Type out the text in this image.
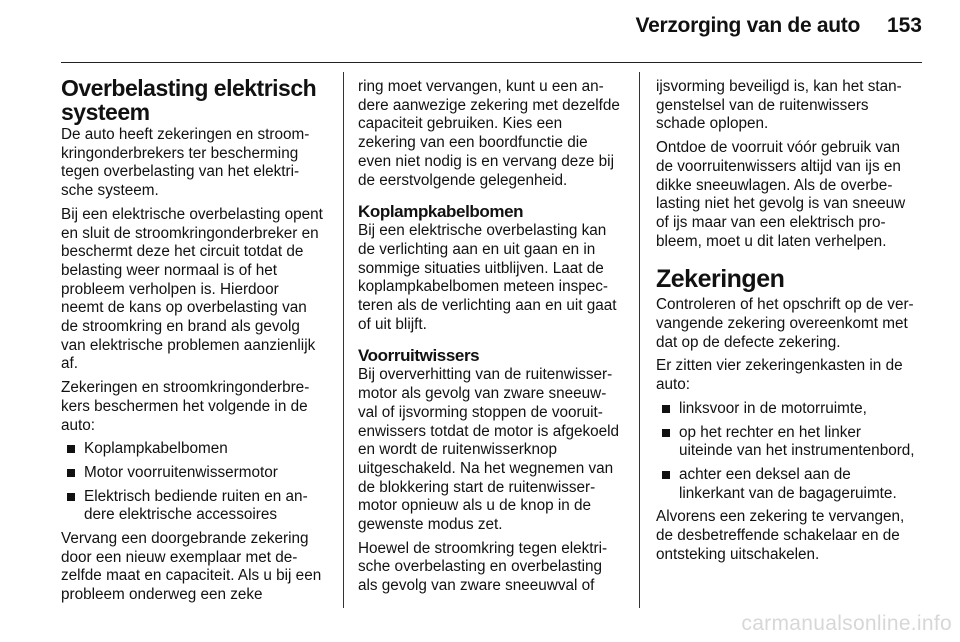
Verzorging van de auto	153
Overbelasting elektrisch systeem

De auto heeft zekeringen en stroomkringonderbrekers ter bescherming tegen overbelasting van het elektrische systeem.

Bij een elektrische overbelasting opent en sluit de stroomkringonderbreker en beschermt deze het circuit totdat de belasting weer normaal is of het probleem verholpen is. Hierdoor neemt de kans op overbelasting van de stroomkring en brand als gevolg van elektrische problemen aanzienlijk af.

Zekeringen en stroomkringonderbrekers beschermen het volgende in de auto:

Koplampkabelbomen
Motor voorruitenwissermotor
Elektrisch bediende ruiten en andere elektrische accessoires

Vervang een doorgebrande zekering door een nieuw exemplaar met dezelfde maat en capaciteit. Als u bij een probleem onderweg een zeke

ring moet vervangen, kunt u een andere aanwezige zekering met dezelfde capaciteit gebruiken. Kies een zekering van een boordfunctie die even niet nodig is en vervang deze bij de eerstvolgende gelegenheid.

Koplampkabelbomen

Bij een elektrische overbelasting kan de verlichting aan en uit gaan en in sommige situaties uitblijven. Laat de koplampkabelbomen meteen inspecteren als de verlichting aan en uit gaat of uit blijft.

Voorruitwissers

Bij oververhitting van de ruitenwissermotor als gevolg van zware sneeuwval of ijsvorming stoppen de vooruitenwissers totdat de motor is afgekoeld en wordt de ruitenwisserknop uitgeschakeld. Na het wegnemen van de blokkering start de ruitenwissermotor opnieuw als u de knop in de gewenste modus zet.

Hoewel de stroomkring tegen elektrische overbelasting en overbelasting als gevolg van zware sneeuwval of

ijsvorming beveiligd is, kan het stangenstelsel van de ruitenwissers schade oplopen.

Ontdoe de voorruit vóór gebruik van de voorruitenwissers altijd van ijs en dikke sneeuwlagen. Als de overbelasting niet het gevolg is van sneeuw of ijs maar van een elektrisch probleem, moet u dit laten verhelpen.

Zekeringen

Controleren of het opschrift op de vervangende zekering overeenkomt met dat op de defecte zekering.

Er zitten vier zekeringenkasten in de auto:

linksvoor in de motorruimte,
op het rechter en het linker uiteinde van het instrumentenbord,
achter een deksel aan de linkerkant van de bagageruimte.

Alvorens een zekering te vervangen, de desbetreffende schakelaar en de ontsteking uitschakelen.

carmanualsonline.info
